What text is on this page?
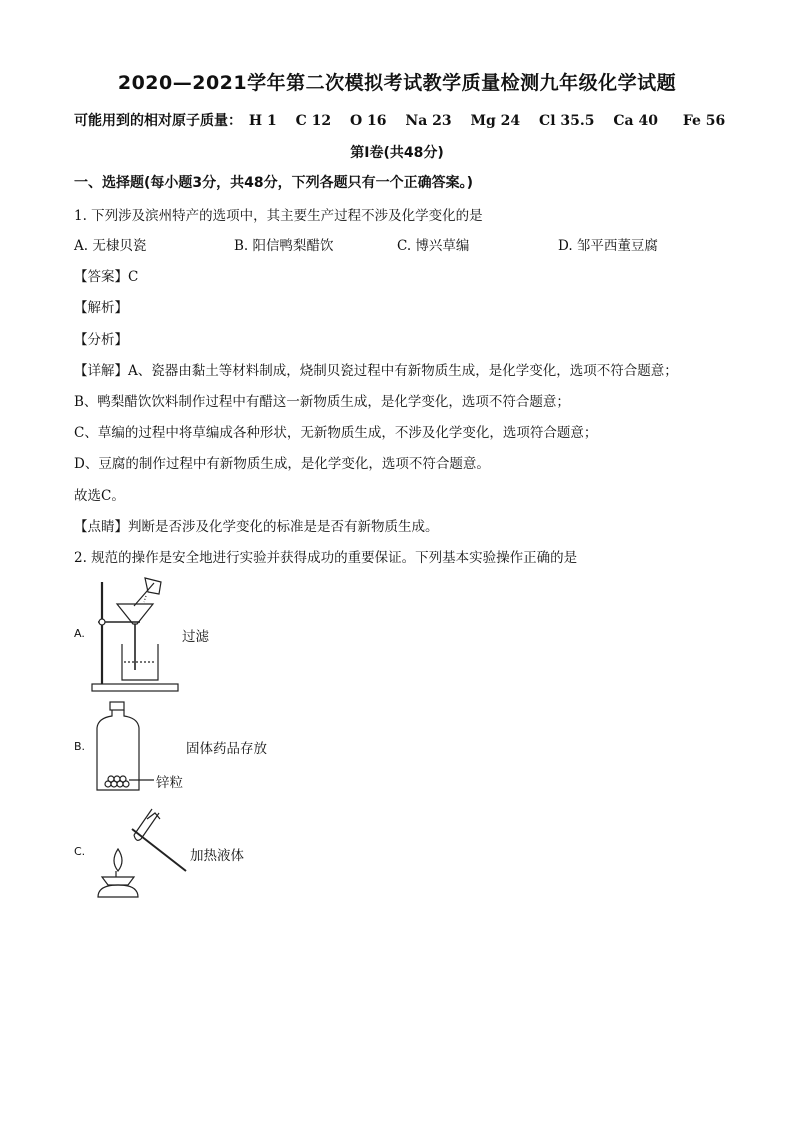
2020—2021学年第二次模拟考试教学质量检测九年级化学试题
可能用到的相对原子质量： H 1 C 12 O 16 Na 23 Mg 24 Cl 35.5 Ca 40 Fe 56
第Ⅰ卷(共48分)
一、选择题(每小题3分，共48分，下列各题只有一个正确答案。)
1. 下列涉及滨州特产的选项中，其主要生产过程不涉及化学变化的是
A. 无棣贝瓷	B. 阳信鸭梨醋饮	C. 博兴草编	D. 邹平西董豆腐
【答案】C
【解析】
【分析】
【详解】A、瓷器由黏土等材料制成，烧制贝瓷过程中有新物质生成，是化学变化，选项不符合题意；
B、鸭梨醋饮饮料制作过程中有醋这一新物质生成，是化学变化，选项不符合题意；
C、草编的过程中将草编成各种形状，无新物质生成，不涉及化学变化，选项符合题意；
D、豆腐的制作过程中有新物质生成，是化学变化，选项不符合题意。
故选C。
【点睛】判断是否涉及化学变化的标准是是否有新物质生成。
2. 规范的操作是安全地进行实验并获得成功的重要保证。下列基本实验操作正确的是
A.	过滤
B.	固体药品存放
锌粒
C.	加热液体
